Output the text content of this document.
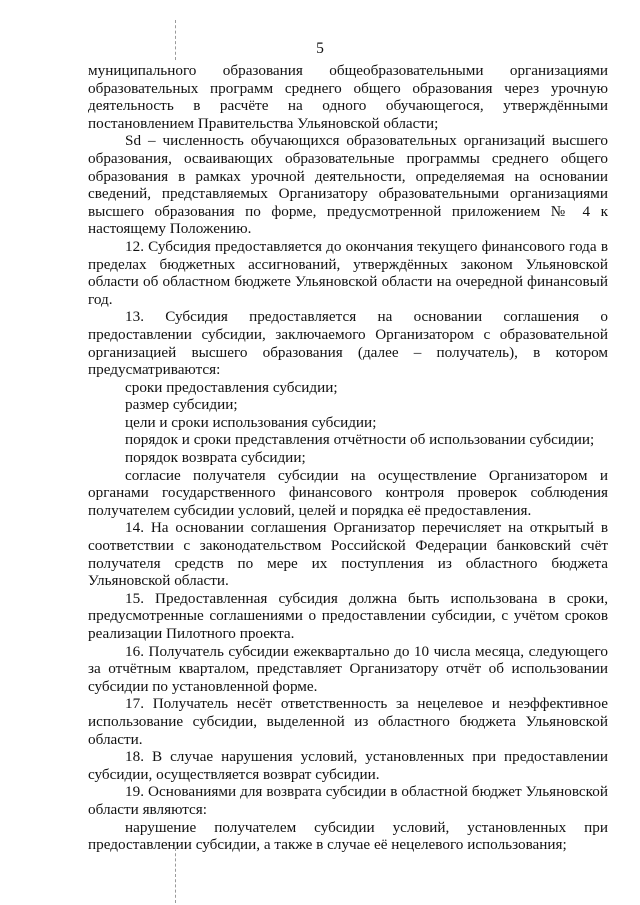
5

муниципального образования общеобразовательными организациями образовательных программ среднего общего образования через урочную деятельность в расчёте на одного обучающегося, утверждёнными постановлением Правительства Ульяновской области;

Sd – численность обучающихся образовательных организаций высшего образования, осваивающих образовательные программы среднего общего образования в рамках урочной деятельности, определяемая на основании сведений, представляемых Организатору образовательными организациями высшего образования по форме, предусмотренной приложением № 4 к настоящему Положению.

12. Субсидия предоставляется до окончания текущего финансового года в пределах бюджетных ассигнований, утверждённых законом Ульяновской области об областном бюджете Ульяновской области на очередной финансовый год.

13. Субсидия предоставляется на основании соглашения о предоставлении субсидии, заключаемого Организатором с образовательной организацией высшего образования (далее – получатель), в котором предусматриваются:

сроки предоставления субсидии;

размер субсидии;

цели и сроки использования субсидии;

порядок и сроки представления отчётности об использовании субсидии;

порядок возврата субсидии;

согласие получателя субсидии на осуществление Организатором и органами государственного финансового контроля проверок соблюдения получателем субсидии условий, целей и порядка её предоставления.

14. На основании соглашения Организатор перечисляет на открытый в соответствии с законодательством Российской Федерации банковский счёт получателя средств по мере их поступления из областного бюджета Ульяновской области.

15. Предоставленная субсидия должна быть использована в сроки, предусмотренные соглашениями о предоставлении субсидии, с учётом сроков реализации Пилотного проекта.

16. Получатель субсидии ежеквартально до 10 числа месяца, следующего за отчётным кварталом, представляет Организатору отчёт об использовании субсидии по установленной форме.

17. Получатель несёт ответственность за нецелевое и неэффективное использование субсидии, выделенной из областного бюджета Ульяновской области.

18. В случае нарушения условий, установленных при предоставлении субсидии, осуществляется возврат субсидии.

19. Основаниями для возврата субсидии в областной бюджет Ульяновской области являются:

нарушение получателем субсидии условий, установленных при предоставлении субсидии, а также в случае её нецелевого использования;
